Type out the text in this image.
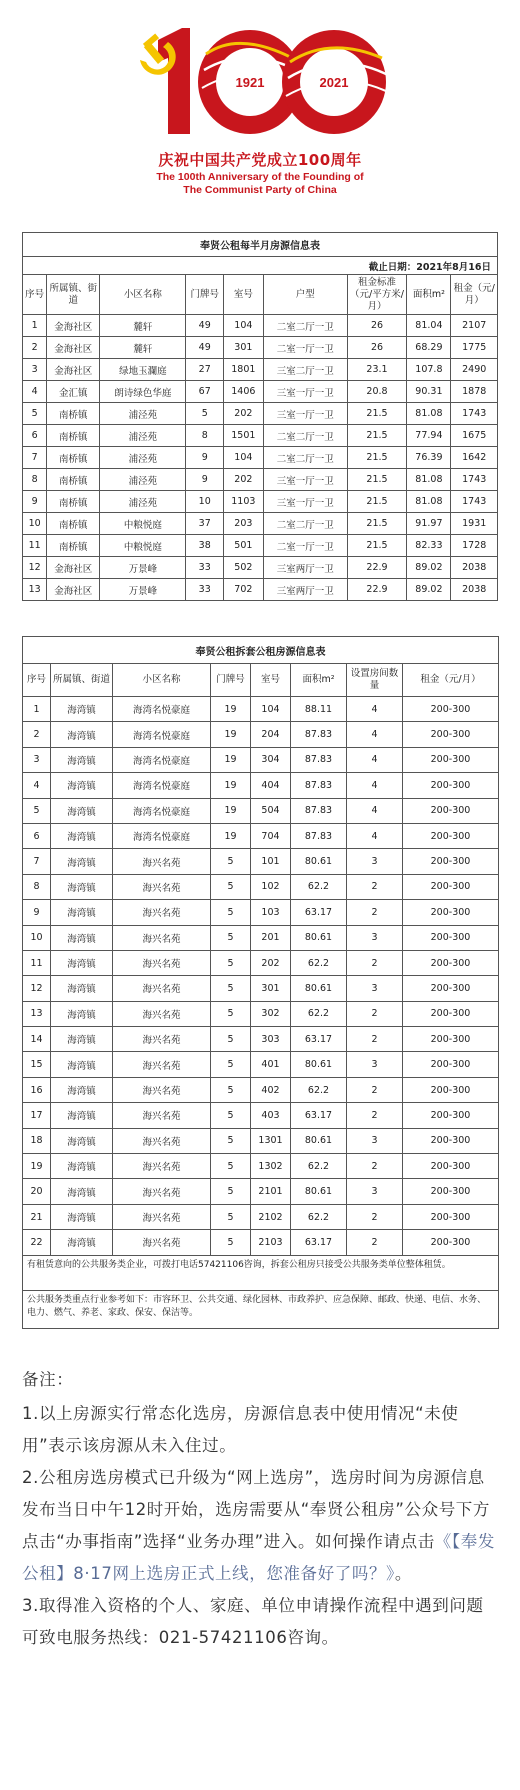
1921	2021
庆祝中国共产党成立100周年
The 100th Anniversary of the Founding of
The Communist Party of China
奉贤公租每半月房源信息表								
截止日期：2021年8月16日								
序号	所属镇、街道	小区名称	门牌号	室号	户型	租金标准（元/平方米/月）	面积m²	租金（元/月）
1	金海社区	麓轩	49	104	二室二厅一卫	26	81.04	2107
2	金海社区	麓轩	49	301	二室一厅一卫	26	68.29	1775
3	金海社区	绿地玉瀾庭	27	1801	三室二厅一卫	23.1	107.8	2490
4	金汇镇	朗诗绿色华庭	67	1406	三室一厅一卫	20.8	90.31	1878
5	南桥镇	浦泾苑	5	202	三室一厅一卫	21.5	81.08	1743
6	南桥镇	浦泾苑	8	1501	二室二厅一卫	21.5	77.94	1675
7	南桥镇	浦泾苑	9	104	二室二厅一卫	21.5	76.39	1642
8	南桥镇	浦泾苑	9	202	三室一厅一卫	21.5	81.08	1743
9	南桥镇	浦泾苑	10	1103	三室一厅一卫	21.5	81.08	1743
10	南桥镇	中粮悦庭	37	203	二室二厅一卫	21.5	91.97	1931
11	南桥镇	中粮悦庭	38	501	二室一厅一卫	21.5	82.33	1728
12	金海社区	万景峰	33	502	三室两厅一卫	22.9	89.02	2038
13	金海社区	万景峰	33	702	三室两厅一卫	22.9	89.02	2038
奉贤公租拆套公租房源信息表							
序号	所属镇、街道	小区名称	门牌号	室号	面积m²	设置房间数量	租金（元/月）
1	海湾镇	海湾名悦豪庭	19	104	88.11	4	200-300
2	海湾镇	海湾名悦豪庭	19	204	87.83	4	200-300
3	海湾镇	海湾名悦豪庭	19	304	87.83	4	200-300
4	海湾镇	海湾名悦豪庭	19	404	87.83	4	200-300
5	海湾镇	海湾名悦豪庭	19	504	87.83	4	200-300
6	海湾镇	海湾名悦豪庭	19	704	87.83	4	200-300
7	海湾镇	海兴名苑	5	101	80.61	3	200-300
8	海湾镇	海兴名苑	5	102	62.2	2	200-300
9	海湾镇	海兴名苑	5	103	63.17	2	200-300
10	海湾镇	海兴名苑	5	201	80.61	3	200-300
11	海湾镇	海兴名苑	5	202	62.2	2	200-300
12	海湾镇	海兴名苑	5	301	80.61	3	200-300
13	海湾镇	海兴名苑	5	302	62.2	2	200-300
14	海湾镇	海兴名苑	5	303	63.17	2	200-300
15	海湾镇	海兴名苑	5	401	80.61	3	200-300
16	海湾镇	海兴名苑	5	402	62.2	2	200-300
17	海湾镇	海兴名苑	5	403	63.17	2	200-300
18	海湾镇	海兴名苑	5	1301	80.61	3	200-300
19	海湾镇	海兴名苑	5	1302	62.2	2	200-300
20	海湾镇	海兴名苑	5	2101	80.61	3	200-300
21	海湾镇	海兴名苑	5	2102	62.2	2	200-300
22	海湾镇	海兴名苑	5	2103	63.17	2	200-300
有租赁意向的公共服务类企业，可拨打电话57421106咨询，拆套公租房只接受公共服务类单位整体租赁。							
公共服务类重点行业参考如下：市容环卫、公共交通、绿化园林、市政养护、应急保障、邮政、快递、电信、水务、电力、燃气、养老、家政、保安、保洁等。							

备注：

1.以上房源实行常态化选房，房源信息表中使用情况“未使用”表示该房源从未入住过。

2.公租房选房模式已升级为“网上选房”，选房时间为房源信息发布当日中午12时开始，选房需要从“奉贤公租房”公众号下方点击“办事指南”选择“业务办理”进入。如何操作请点击《【奉发公租】8·17网上选房正式上线，您准备好了吗？》。

3.取得准入资格的个人、家庭、单位申请操作流程中遇到问题可致电服务热线：021-57421106咨询。
